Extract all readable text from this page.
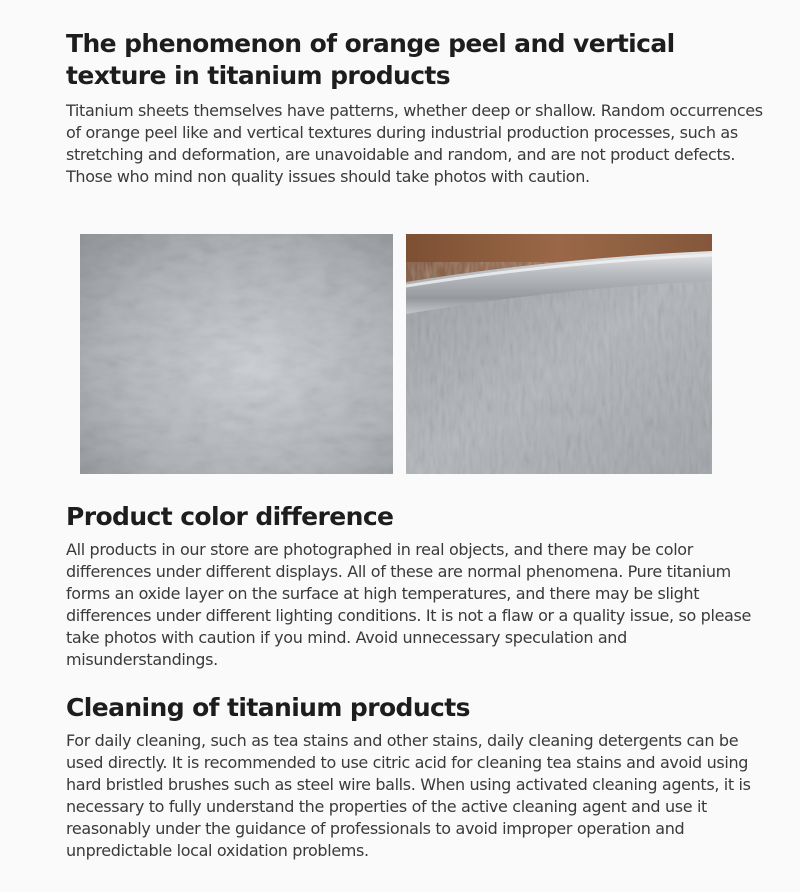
The phenomenon of orange peel and vertical texture in titanium products

Titanium sheets themselves have patterns, whether deep or shallow. Random occurrences of orange peel like and vertical textures during industrial production processes, such as stretching and deformation, are unavoidable and random, and are not product defects. Those who mind non quality issues should take photos with caution.

Product color difference

All products in our store are photographed in real objects, and there may be color differences under different displays. All of these are normal phenomena. Pure titanium forms an oxide layer on the surface at high temperatures, and there may be slight differences under different lighting conditions. It is not a flaw or a quality issue, so please take photos with caution if you mind. Avoid unnecessary speculation and misunderstandings.

Cleaning of titanium products

For daily cleaning, such as tea stains and other stains, daily cleaning detergents can be used directly. It is recommended to use citric acid for cleaning tea stains and avoid using hard bristled brushes such as steel wire balls. When using activated cleaning agents, it is necessary to fully understand the properties of the active cleaning agent and use it reasonably under the guidance of professionals to avoid improper operation and unpredictable local oxidation problems.
